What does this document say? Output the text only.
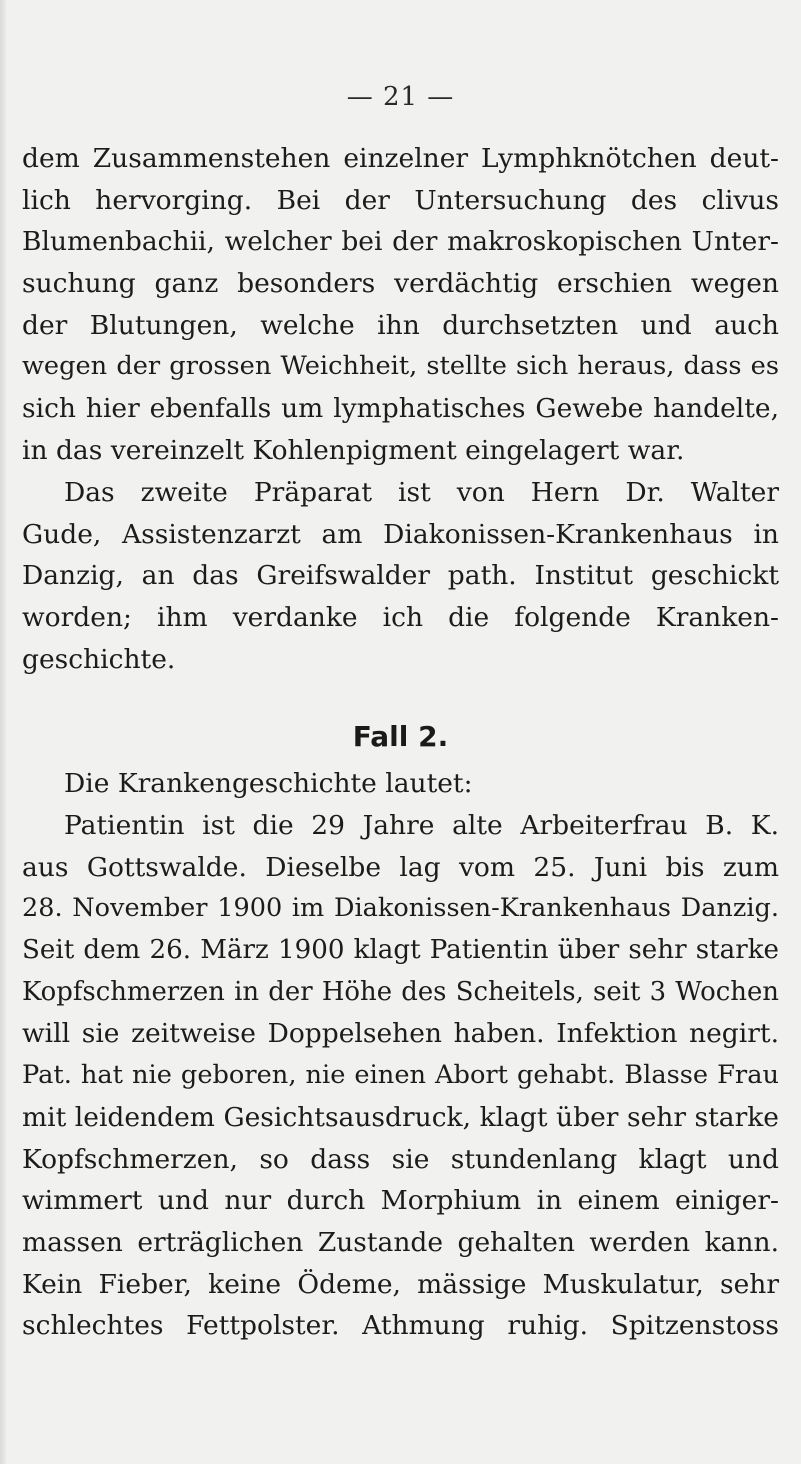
— 21 —
dem Zusammenstehen einzelner Lymphknötchen deut-
lich hervorging. Bei der Untersuchung des clivus
Blumenbachii, welcher bei der makroskopischen Unter-
suchung ganz besonders verdächtig erschien wegen
der Blutungen, welche ihn durchsetzten und auch
wegen der grossen Weichheit, stellte sich heraus, dass es
sich hier ebenfalls um lymphatisches Gewebe handelte,
in das vereinzelt Kohlenpigment eingelagert war.
Das zweite Präparat ist von Hern Dr. Walter
Gude, Assistenzarzt am Diakonissen-Krankenhaus in
Danzig, an das Greifswalder path. Institut geschickt
worden; ihm verdanke ich die folgende Kranken-
geschichte.
Fall 2.
Die Krankengeschichte lautet:
Patientin ist die 29 Jahre alte Arbeiterfrau B. K.
aus Gottswalde. Dieselbe lag vom 25. Juni bis zum
28. November 1900 im Diakonissen-Krankenhaus Danzig.
Seit dem 26. März 1900 klagt Patientin über sehr starke
Kopfschmerzen in der Höhe des Scheitels, seit 3 Wochen
will sie zeitweise Doppelsehen haben. Infektion negirt.
Pat. hat nie geboren, nie einen Abort gehabt. Blasse Frau
mit leidendem Gesichtsausdruck, klagt über sehr starke
Kopfschmerzen, so dass sie stundenlang klagt und
wimmert und nur durch Morphium in einem einiger-
massen erträglichen Zustande gehalten werden kann.
Kein Fieber, keine Ödeme, mässige Muskulatur, sehr
schlechtes Fettpolster. Athmung ruhig. Spitzenstoss
